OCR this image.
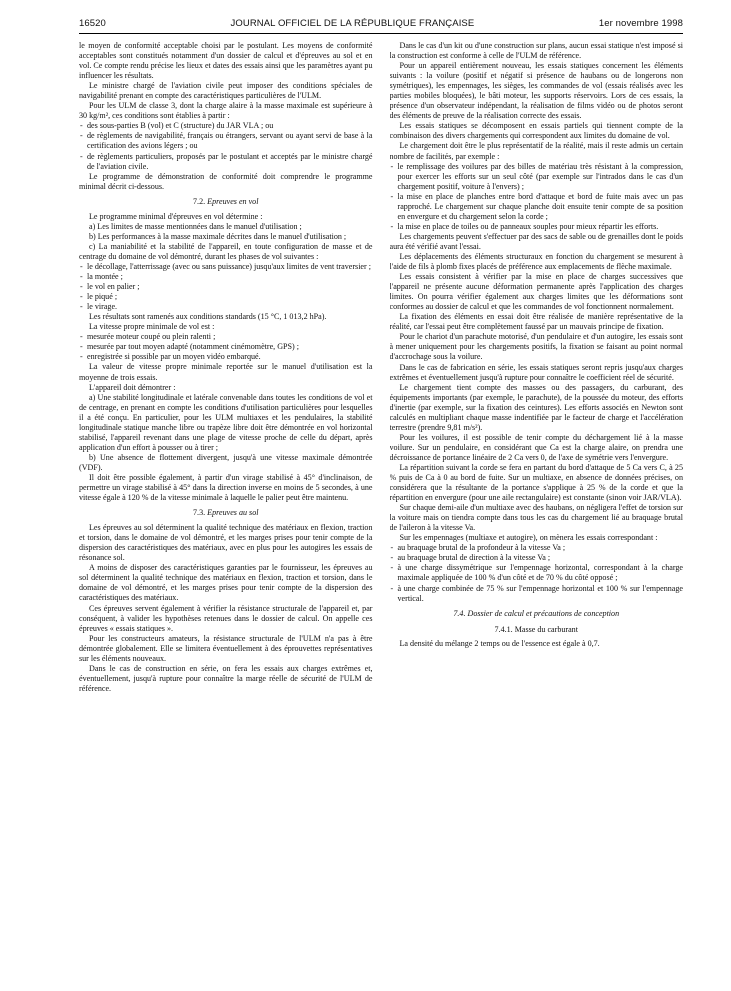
16520	JOURNAL OFFICIEL DE LA RÉPUBLIQUE FRANÇAISE	1er novembre 1998

le moyen de conformité acceptable choisi par le postulant. Les moyens de conformité acceptables sont constitués notamment d'un dossier de calcul et d'épreuves au sol et en vol. Ce compte rendu précise les lieux et dates des essais ainsi que les paramètres ayant pu influencer les résultats.

Le ministre chargé de l'aviation civile peut imposer des conditions spéciales de navigabilité prenant en compte des caractéristiques particulières de l'ULM.

Pour les ULM de classe 3, dont la charge alaire à la masse maximale est supérieure à 30 kg/m², ces conditions sont établies à partir :

- des sous-parties B (vol) et C (structure) du JAR VLA ; ou

- de règlements de navigabilité, français ou étrangers, servant ou ayant servi de base à la certification des avions légers ; ou

- de règlements particuliers, proposés par le postulant et acceptés par le ministre chargé de l'aviation civile.

Le programme de démonstration de conformité doit comprendre le programme minimal décrit ci-dessous.

7.2. Epreuves en vol

Le programme minimal d'épreuves en vol détermine :

a) Les limites de masse mentionnées dans le manuel d'utilisation ;

b) Les performances à la masse maximale décrites dans le manuel d'utilisation ;

c) La maniabilité et la stabilité de l'appareil, en toute configuration de masse et de centrage du domaine de vol démontré, durant les phases de vol suivantes :

- le décollage, l'atterrissage (avec ou sans puissance) jusqu'aux limites de vent traversier ;

- la montée ;

- le vol en palier ;

- le piqué ;

- le virage.

Les résultats sont ramenés aux conditions standards (15 °C, 1 013,2 hPa).

La vitesse propre minimale de vol est :

- mesurée moteur coupé ou plein ralenti ;

- mesurée par tout moyen adapté (notamment cinémomètre, GPS) ;

- enregistrée si possible par un moyen vidéo embarqué.

La valeur de vitesse propre minimale reportée sur le manuel d'utilisation est la moyenne de trois essais.

L'appareil doit démontrer :

a) Une stabilité longitudinale et latérale convenable dans toutes les conditions de vol et de centrage, en prenant en compte les conditions d'utilisation particulières pour lesquelles il a été conçu. En particulier, pour les ULM multiaxes et les pendulaires, la stabilité longitudinale statique manche libre ou trapèze libre doit être démontrée en vol horizontal stabilisé, l'appareil revenant dans une plage de vitesse proche de celle du départ, après application d'un effort à pousser ou à tirer ;

b) Une absence de flottement divergent, jusqu'à une vitesse maximale démontrée (VDF).

Il doit être possible également, à partir d'un virage stabilisé à 45° d'inclinaison, de permettre un virage stabilisé à 45° dans la direction inverse en moins de 5 secondes, à une vitesse égale à 120 % de la vitesse minimale à laquelle le palier peut être maintenu.

7.3. Epreuves au sol

Les épreuves au sol déterminent la qualité technique des matériaux en flexion, traction et torsion, dans le domaine de vol démontré, et les marges prises pour tenir compte de la dispersion des caractéristiques des matériaux, avec en plus pour les autogires les essais de résonance sol.

A moins de disposer des caractéristiques garanties par le fournisseur, les épreuves au sol déterminent la qualité technique des matériaux en flexion, traction et torsion, dans le domaine de vol démontré, et les marges prises pour tenir compte de la dispersion des caractéristiques des matériaux.

Ces épreuves servent également à vérifier la résistance structurale de l'appareil et, par conséquent, à valider les hypothèses retenues dans le dossier de calcul. On appelle ces épreuves « essais statiques ».

Pour les constructeurs amateurs, la résistance structurale de l'ULM n'a pas à être démontrée globalement. Elle se limitera éventuellement à des éprouvettes représentatives sur les éléments nouveaux.

Dans le cas de construction en série, on fera les essais aux charges extrêmes et, éventuellement, jusqu'à rupture pour connaître la marge réelle de sécurité de l'ULM de référence.

Dans le cas d'un kit ou d'une construction sur plans, aucun essai statique n'est imposé si la construction est conforme à celle de l'ULM de référence.

Pour un appareil entièrement nouveau, les essais statiques concernent les éléments suivants : la voilure (positif et négatif si présence de haubans ou de longerons non symétriques), les empennages, les sièges, les commandes de vol (essais réalisés avec les parties mobiles bloquées), le bâti moteur, les supports réservoirs. Lors de ces essais, la présence d'un observateur indépendant, la réalisation de films vidéo ou de photos seront des éléments de preuve de la réalisation correcte des essais.

Les essais statiques se décomposent en essais partiels qui tiennent compte de la combinaison des divers chargements qui correspondent aux limites du domaine de vol.

Le chargement doit être le plus représentatif de la réalité, mais il reste admis un certain nombre de facilités, par exemple :

- le remplissage des voilures par des billes de matériau très résistant à la compression, pour exercer les efforts sur un seul côté (par exemple sur l'intrados dans le cas d'un chargement positif, voiture à l'envers) ;

- la mise en place de planches entre bord d'attaque et bord de fuite mais avec un pas rapproché. Le chargement sur chaque planche doit ensuite tenir compte de sa position en envergure et du chargement selon la corde ;

- la mise en place de toiles ou de panneaux souples pour mieux répartir les efforts.

Les chargements peuvent s'effectuer par des sacs de sable ou de grenailles dont le poids aura été vérifié avant l'essai.

Les déplacements des éléments structuraux en fonction du chargement se mesurent à l'aide de fils à plomb fixes placés de préférence aux emplacements de flèche maximale.

Les essais consistent à vérifier par la mise en place de charges successives que l'appareil ne présente aucune déformation permanente après l'application des charges limites. On pourra vérifier également aux charges limites que les déformations sont conformes au dossier de calcul et que les commandes de vol fonctionnent normalement.

La fixation des éléments en essai doit être réalisée de manière représentative de la réalité, car l'essai peut être complètement faussé par un mauvais principe de fixation.

Pour le chariot d'un parachute motorisé, d'un pendulaire et d'un autogire, les essais sont à mener uniquement pour les chargements positifs, la fixation se faisant au point normal d'accrochage sous la voilure.

Dans le cas de fabrication en série, les essais statiques seront repris jusqu'aux charges extrêmes et éventuellement jusqu'à rupture pour connaître le coefficient réel de sécurité.

Le chargement tient compte des masses ou des passagers, du carburant, des équipements importants (par exemple, le parachute), de la poussée du moteur, des efforts d'inertie (par exemple, sur la fixation des ceintures). Les efforts associés en Newton sont calculés en multipliant chaque masse indentifiée par le facteur de charge et l'accélération terrestre (prendre 9,81 m/s²).

Pour les voilures, il est possible de tenir compte du déchargement lié à la masse voilure. Sur un pendulaire, en considérant que Ca est la charge alaire, on prendra une décroissance de portance linéaire de 2 Ca vers 0, de l'axe de symétrie vers l'envergure.

La répartition suivant la corde se fera en partant du bord d'attaque de 5 Ca vers C, à 25 % puis de Ca à 0 au bord de fuite. Sur un multiaxe, en absence de données précises, on considérera que la résultante de la portance s'applique à 25 % de la corde et que la répartition en envergure (pour une aile rectangulaire) est constante (sinon voir JAR/VLA).

Sur chaque demi-aile d'un multiaxe avec des haubans, on négligera l'effet de torsion sur la voiture mais on tiendra compte dans tous les cas du chargement lié au braquage brutal de l'aileron à la vitesse Va.

Sur les empennages (multiaxe et autogire), on mènera les essais correspondant :

- au braquage brutal de la profondeur à la vitesse Va ;

- au braquage brutal de direction à la vitesse Va ;

- à une charge dissymétrique sur l'empennage horizontal, correspondant à la charge maximale appliquée de 100 % d'un côté et de 70 % du côté opposé ;

- à une charge combinée de 75 % sur l'empennage horizontal et 100 % sur l'empennage vertical.

7.4. Dossier de calcul et précautions de conception

7.4.1. Masse du carburant

La densité du mélange 2 temps ou de l'essence est égale à 0,7.
